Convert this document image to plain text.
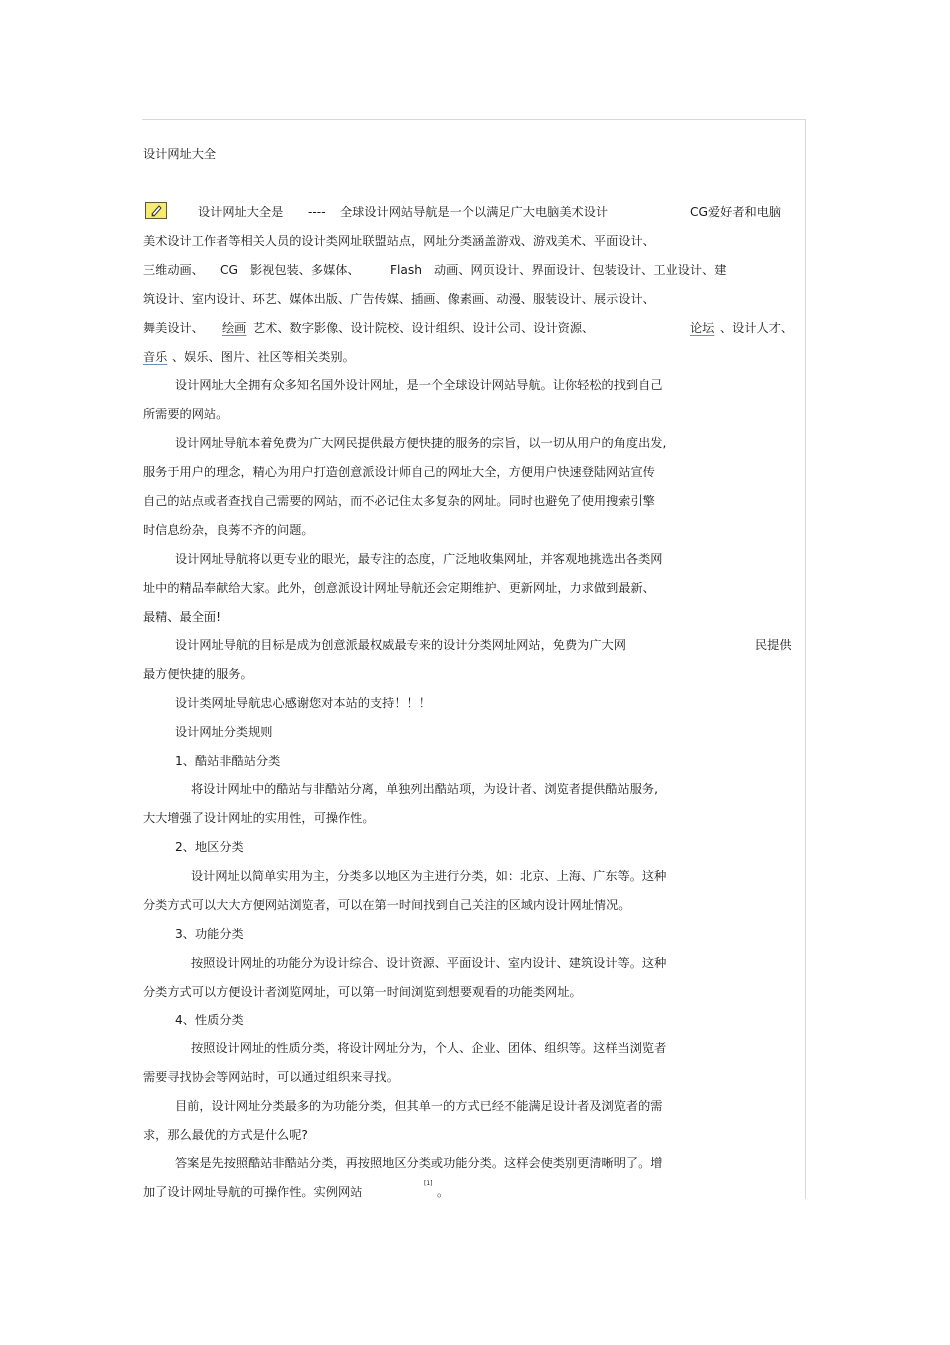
设计网址大全
设计网址大全是 ---- 全球设计网站导航是一个以满足广大电脑美术设计	CG爱好者和电脑
美术设计工作者等相关人员的设计类网址联盟站点，网址分类涵盖游戏、游戏美术、平面设计、
三维动画、 CG 影视包装、多媒体、 Flash 动画、网页设计、界面设计、包装设计、工业设计、建
筑设计、室内设计、环艺、媒体出版、广告传媒、插画、像素画、动漫、服装设计、展示设计、
舞美设计、 绘画 艺术、数字影像、设计院校、设计组织、设计公司、设计资源、	论坛 、设计人才、
音乐 、娱乐、图片、社区等相关类别。
设计网址大全拥有众多知名国外设计网址，是一个全球设计网站导航。让你轻松的找到自己
所需要的网站。
设计网址导航本着免费为广大网民提供最方便快捷的服务的宗旨，以一切从用户的角度出发,
服务于用户的理念，精心为用户打造创意派设计师自己的网址大全，方便用户快速登陆网站宣传
自己的站点或者查找自己需要的网站，而不必记住太多复杂的网址。同时也避免了使用搜索引擎
时信息纷杂，良莠不齐的问题。
设计网址导航将以更专业的眼光，最专注的态度，广泛地收集网址，并客观地挑选出各类网
址中的精品奉献给大家。此外，创意派设计网址导航还会定期维护、更新网址，力求做到最新、
最精、最全面!
设计网址导航的目标是成为创意派最权威最专来的设计分类网址网站，免费为广大网	民提供
最方便快捷的服务。
设计类网址导航忠心感谢您对本站的支持！！！
设计网址分类规则
1、酷站非酷站分类
将设计网址中的酷站与非酷站分离，单独列出酷站项，为设计者、浏览者提供酷站服务,
大大增强了设计网址的实用性，可操作性。
2、地区分类
设计网址以简单实用为主，分类多以地区为主进行分类，如：北京、上海、广东等。这种
分类方式可以大大方便网站浏览者，可以在第一时间找到自己关注的区域内设计网址情况。
3、功能分类
按照设计网址的功能分为设计综合、设计资源、平面设计、室内设计、建筑设计等。这种
分类方式可以方便设计者浏览网址，可以第一时间浏览到想要观看的功能类网址。
4、性质分类
按照设计网址的性质分类，将设计网址分为，个人、企业、团体、组织等。这样当浏览者
需要寻找协会等网站时，可以通过组织来寻找。
目前，设计网址分类最多的为功能分类，但其单一的方式已经不能满足设计者及浏览者的需
求，那么最优的方式是什么呢?
答案是先按照酷站非酷站分类，再按照地区分类或功能分类。这样会使类别更清晰明了。增
加了设计网址导航的可操作性。实例网站
[1]
。
